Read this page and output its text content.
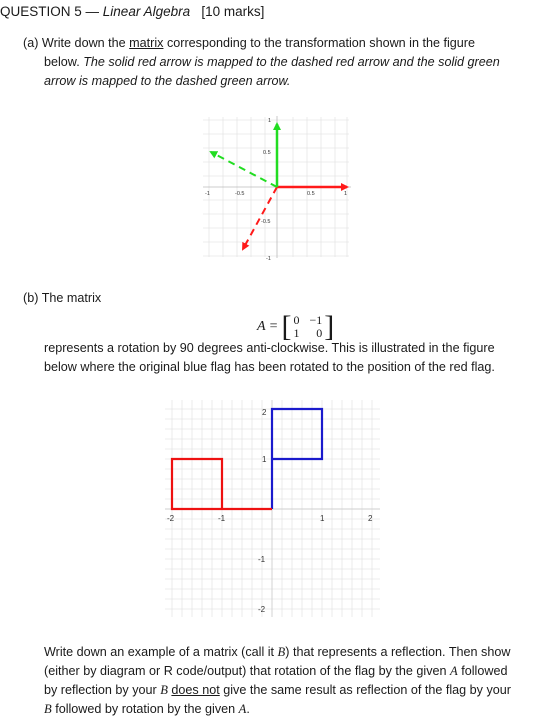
QUESTION 5 — Linear Algebra [10 marks]
(a) Write down the matrix corresponding to the transformation shown in the figure
below. The solid red arrow is mapped to the dashed red arrow and the solid green
arrow is mapped to the dashed green arrow.
-1	-0.5	0.5	1
1
0.5
-0.5
-1
(b) The matrix
A = [ 0 −1
1	0 ]
represents a rotation by 90 degrees anti-clockwise. This is illustrated in the figure
below where the original blue flag has been rotated to the position of the red flag.
-2	-1	1	2
2
1
-1
-2
Write down an example of a matrix (call it B) that represents a reflection. Then show
(either by diagram or R code/output) that rotation of the flag by the given A followed
by reflection by your B does not give the same result as reflection of the flag by your
B followed by rotation by the given A.
